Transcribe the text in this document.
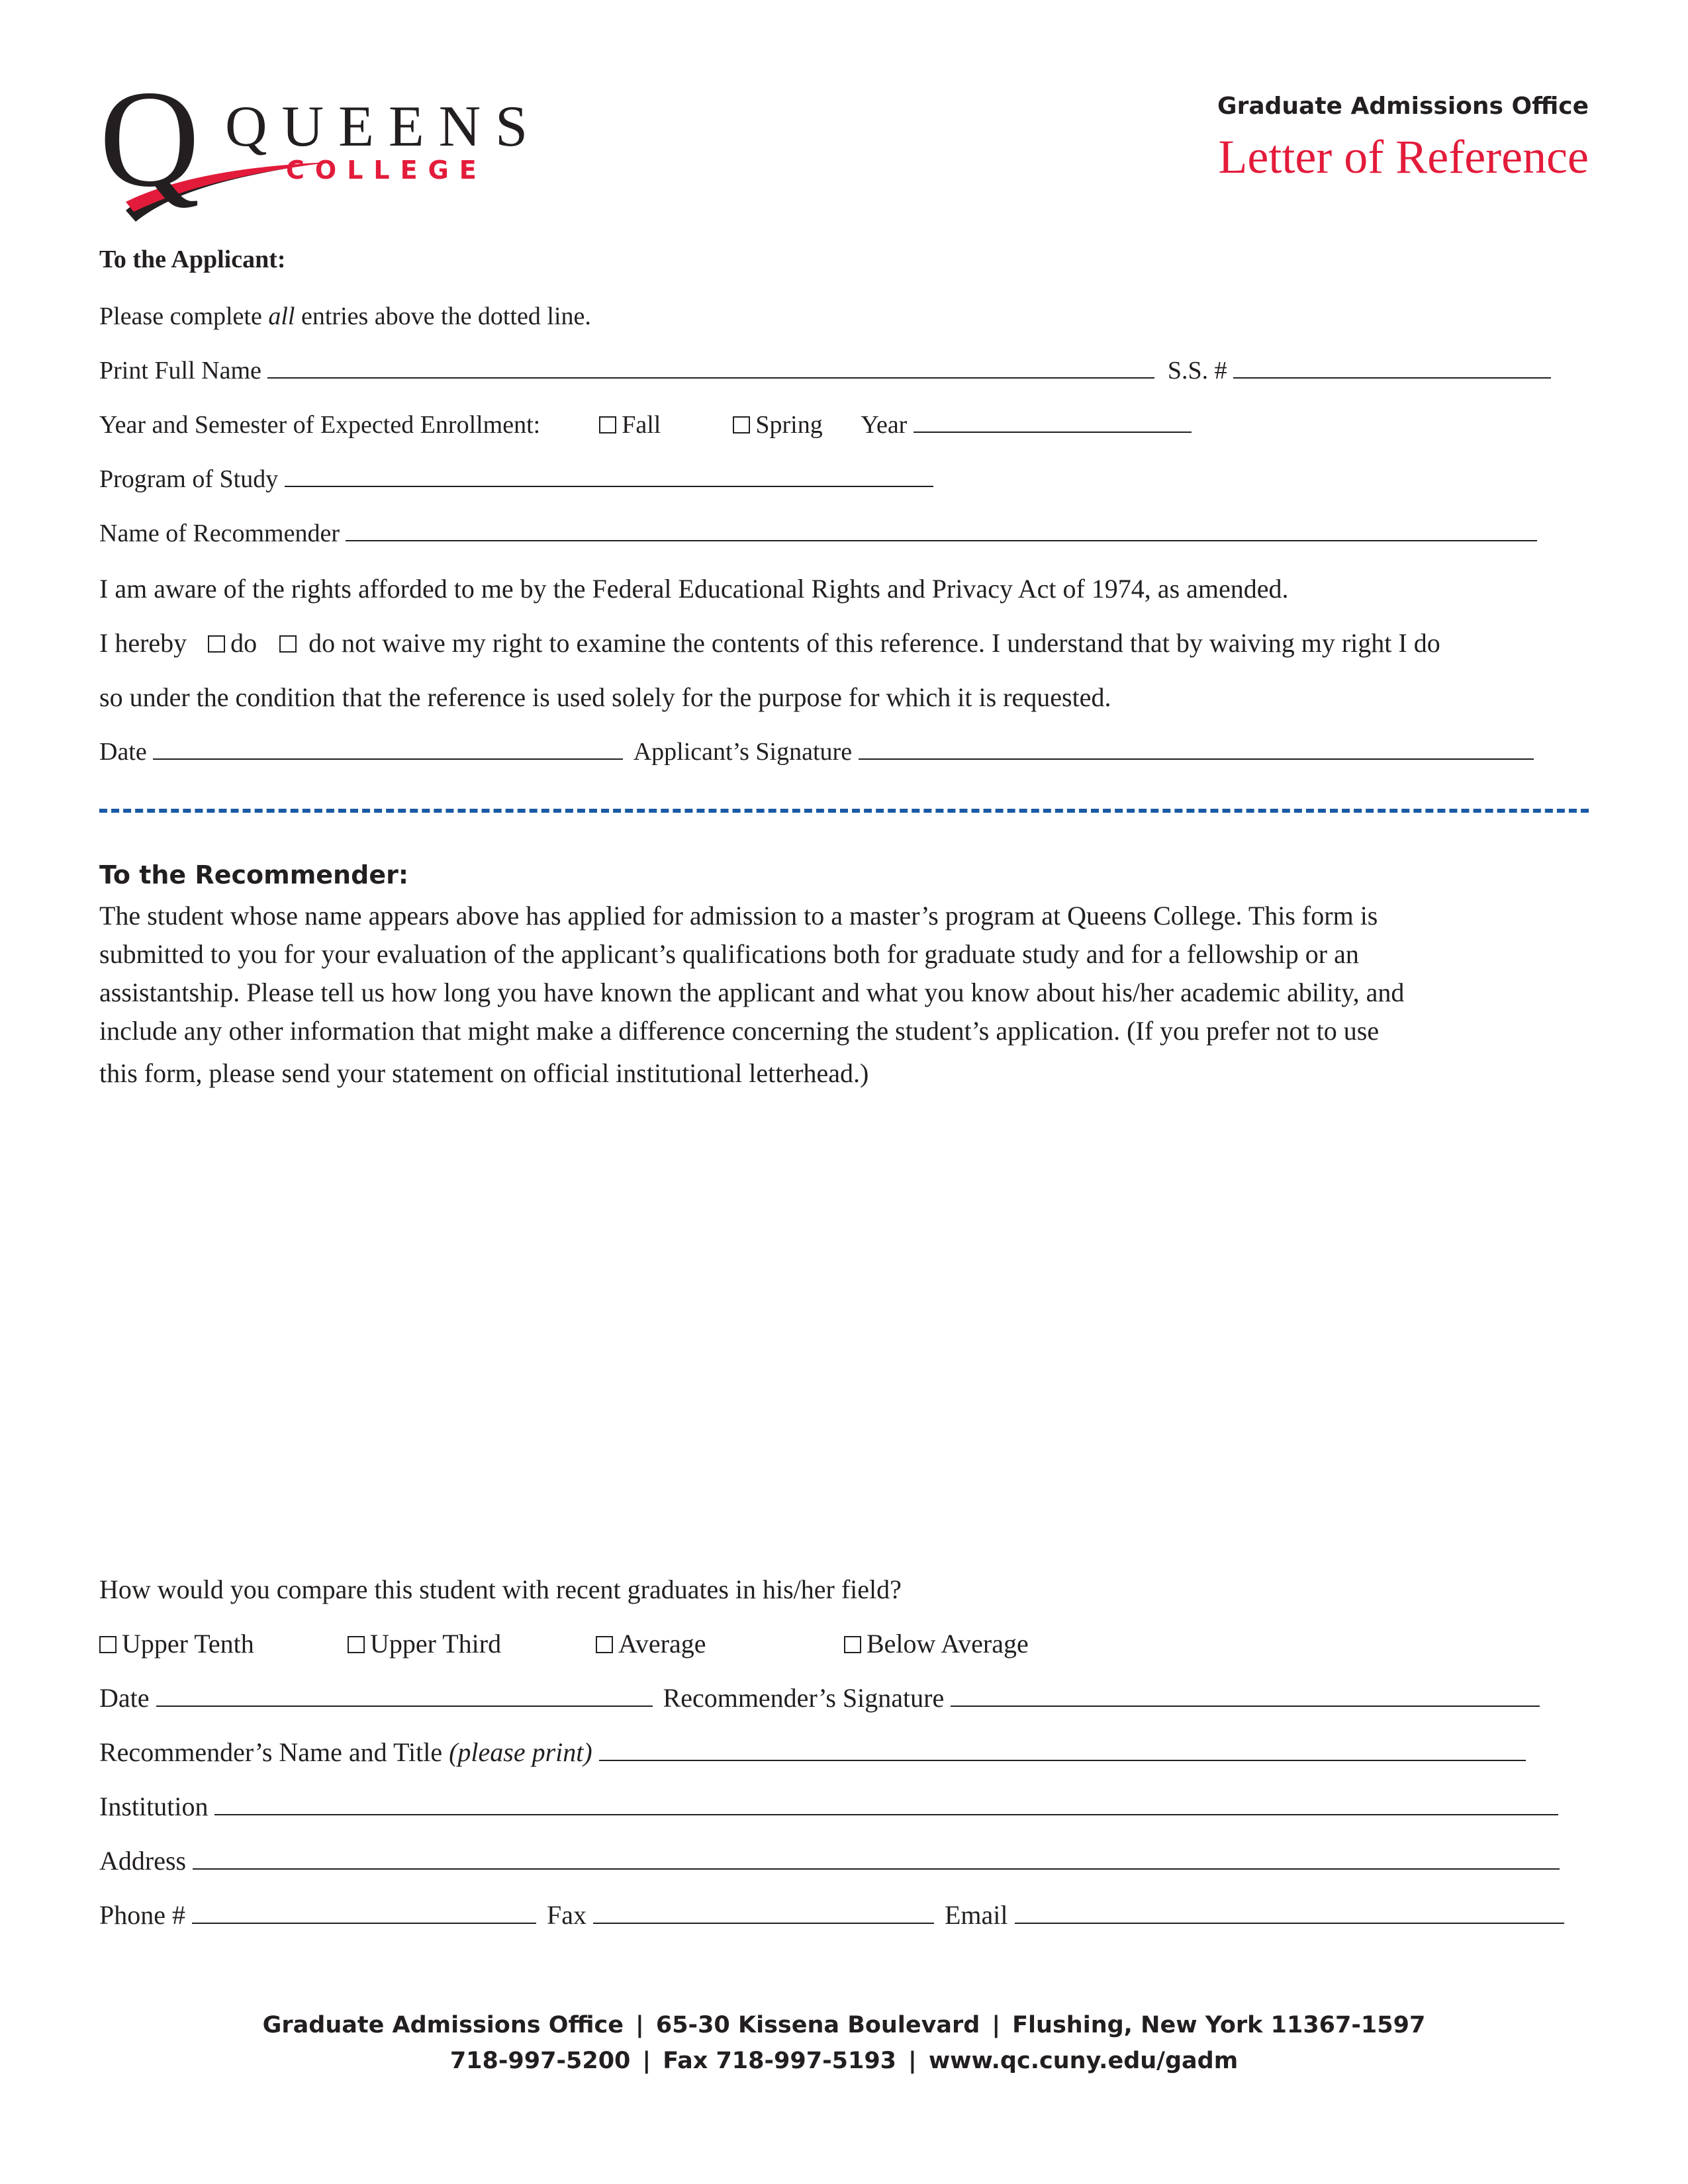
Q QUEENS
COLLEGE
Graduate Admissions Office
Letter of Reference
To the Applicant:
Please complete all entries above the dotted line.
Print Full Name	S.S. #
Year and Semester of Expected Enrollment:	Fall	Spring Year
Program of Study
Name of Recommender
I am aware of the rights afforded to me by the Federal Educational Rights and Privacy Act of 1974, as amended.
I hereby do do not waive my right to examine the contents of this reference. I understand that by waiving my right I do
so under the condition that the reference is used solely for the purpose for which it is requested.
Date	Applicant’s Signature
To the Recommender:
The student whose name appears above has applied for admission to a master’s program at Queens College. This form is
submitted to you for your evaluation of the applicant’s qualifications both for graduate study and for a fellowship or an
assistantship. Please tell us how long you have known the applicant and what you know about his/her academic ability, and
include any other information that might make a difference concerning the student’s application. (If you prefer not to use
this form, please send your statement on official institutional letterhead.)
How would you compare this student with recent graduates in his/her field?
Upper Tenth	Upper Third	Average	Below Average
Date	Recommender’s Signature
Recommender’s Name and Title (please print)
Institution
Address
Phone #	Fax	Email
Graduate Admissions Office | 65-30 Kissena Boulevard | Flushing, New York 11367-1597
718-997-5200 | Fax 718-997-5193 | www.qc.cuny.edu/gadm
